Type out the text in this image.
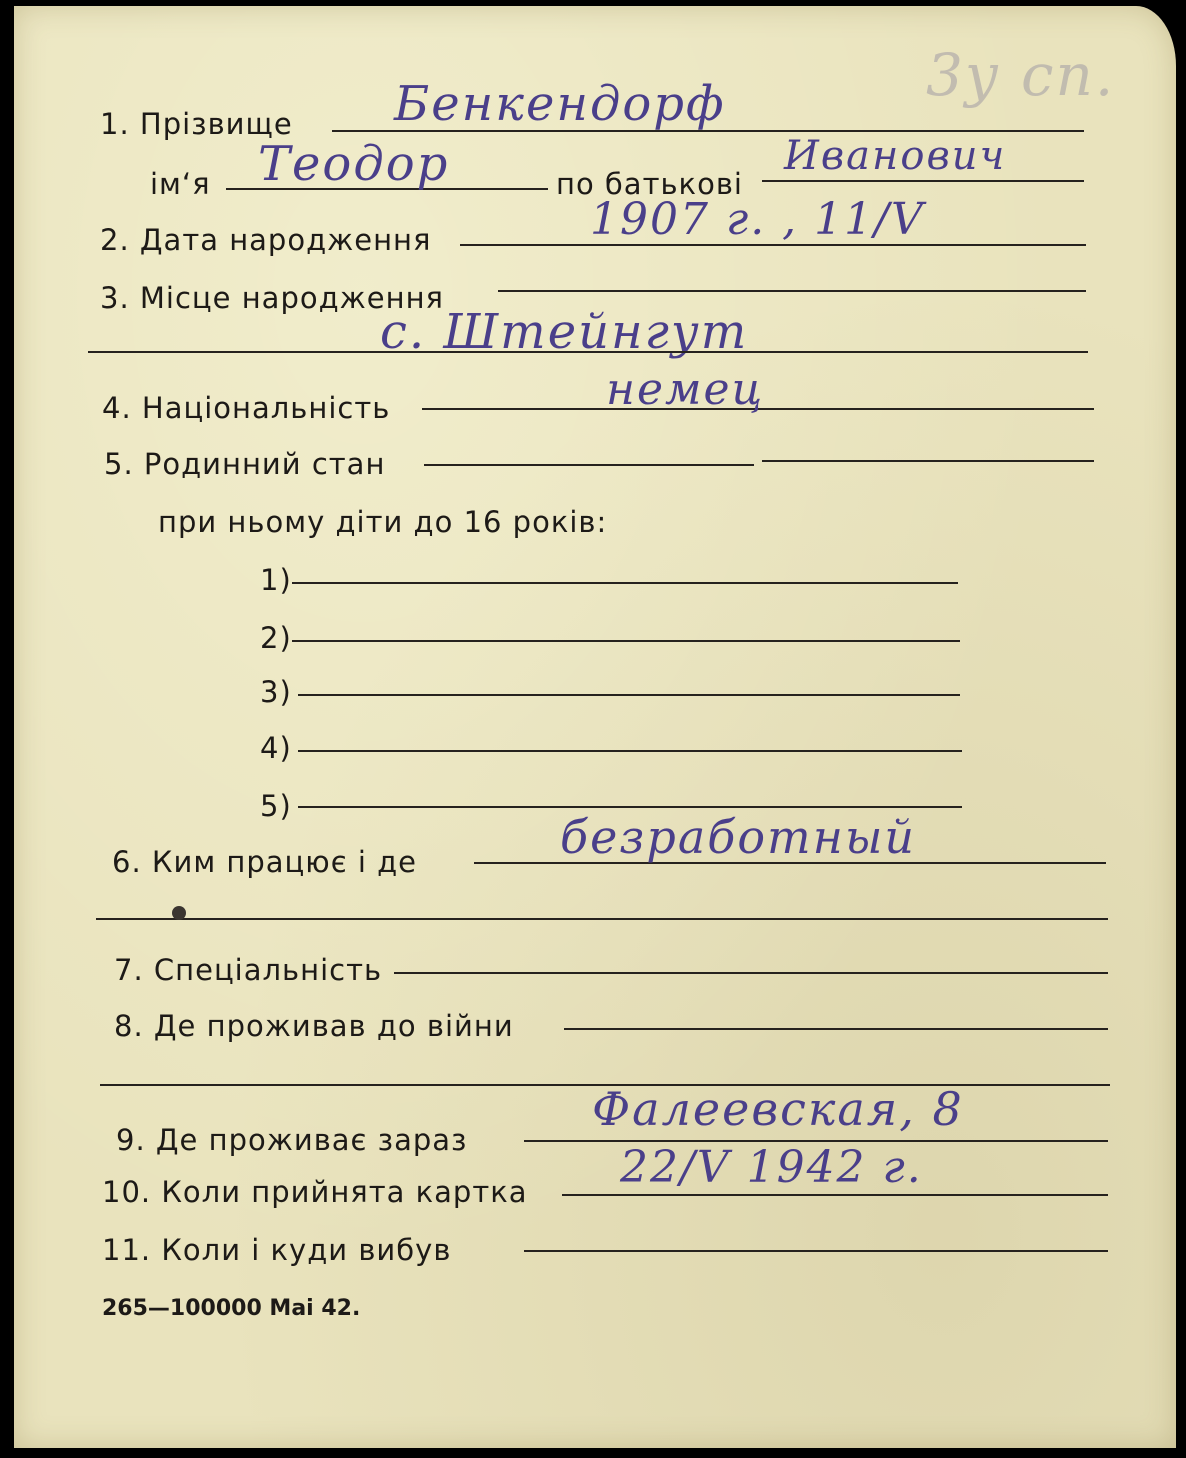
3у сп.
1. Прізвище Бенкендорф
ім‘я Теодор	по батькові
Иванович
2. Дата народження	1907 г. , 11/V
3. Місце народження
с. Штейнгут
4. Національність	немец
5. Родинний стан
при ньому діти до 16 років:
1)
2)
3)
4)
5)
6. Ким працює і де	безработный
7. Спеціальність
8. Де проживав до війни
9. Де проживає зараз
Фалеевская, 8
10. Коли прийнята картка 22/V 1942 г.
11. Коли і куди вибув
265—100000 Mai 42.
